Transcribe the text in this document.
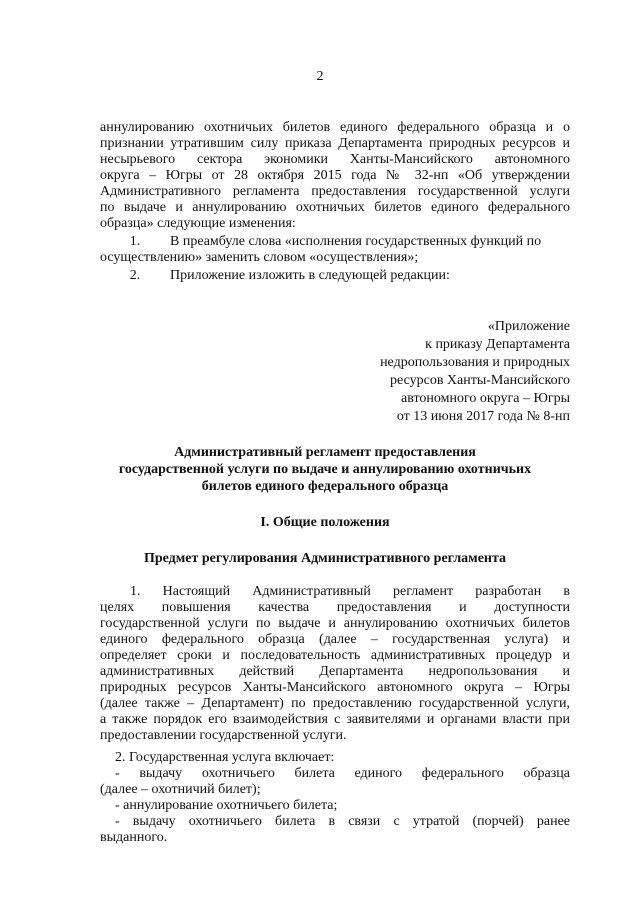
2
аннулированию охотничьих билетов единого федерального образца и о
признании утратившим силу приказа Департамента природных ресурсов и
несырьевого сектора экономики Ханты-Мансийского автономного
округа – Югры от 28 октября 2015 года № 32-нп «Об утверждении
Административного регламента предоставления государственной услуги
по выдаче и аннулированию охотничьих билетов единого федерального
образца» следующие изменения:
1. В преамбуле слова «исполнения государственных функций по
осуществлению» заменить словом «осуществления»;
2. Приложение изложить в следующей редакции:
«Приложение
к приказу Департамента
недропользования и природных
ресурсов Ханты-Мансийского
автономного округа – Югры
от 13 июня 2017 года № 8-нп
Административный регламент предоставления
государственной услуги по выдаче и аннулированию охотничьих
билетов единого федерального образца
I. Общие положения
Предмет регулирования Административного регламента
1. Настоящий Административный регламент разработан в
целях повышения качества предоставления и доступности
государственной услуги по выдаче и аннулированию охотничьих билетов
единого федерального образца (далее – государственная услуга) и
определяет сроки и последовательность административных процедур и
административных действий Департамента недропользования и
природных ресурсов Ханты-Мансийского автономного округа – Югры
(далее также – Департамент) по предоставлению государственной услуги,
а также порядок его взаимодействия с заявителями и органами власти при
предоставлении государственной услуги.
2. Государственная услуга включает:
- выдачу охотничьего билета единого федерального образца
(далее – охотничий билет);
- аннулирование охотничьего билета;
- выдачу охотничьего билета в связи с утратой (порчей) ранее
выданного.
